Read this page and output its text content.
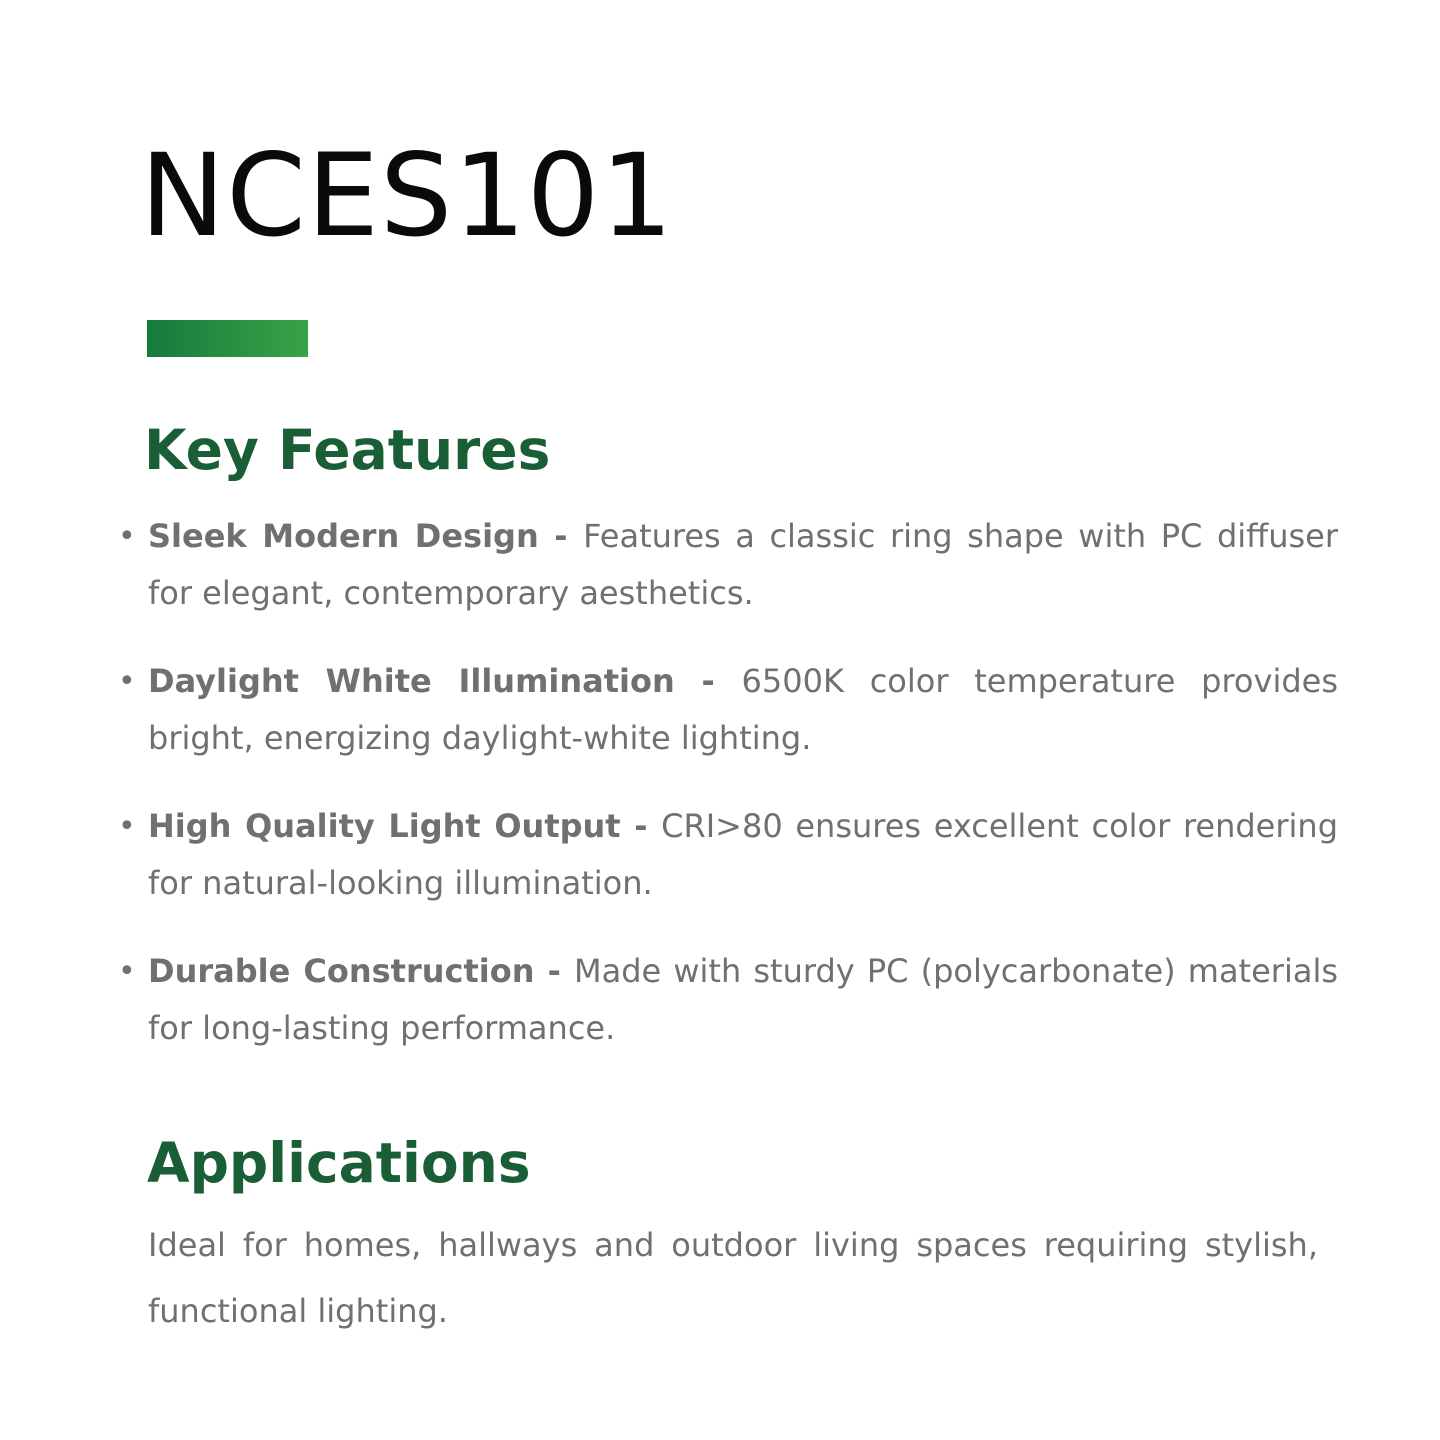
NCES101
Key Features
• Sleek Modern Design - Features a classic ring shape with PC diffuser for elegant, contemporary aesthetics.
• Daylight White Illumination - 6500K color temperature provides bright, energizing daylight-white lighting.
• High Quality Light Output - CRI>80 ensures excellent color rendering for natural-looking illumination.
• Durable Construction - Made with sturdy PC (polycarbonate) materials for long-lasting performance.
Applications

Ideal for homes, hallways and outdoor living spaces requiring stylish, functional lighting.
